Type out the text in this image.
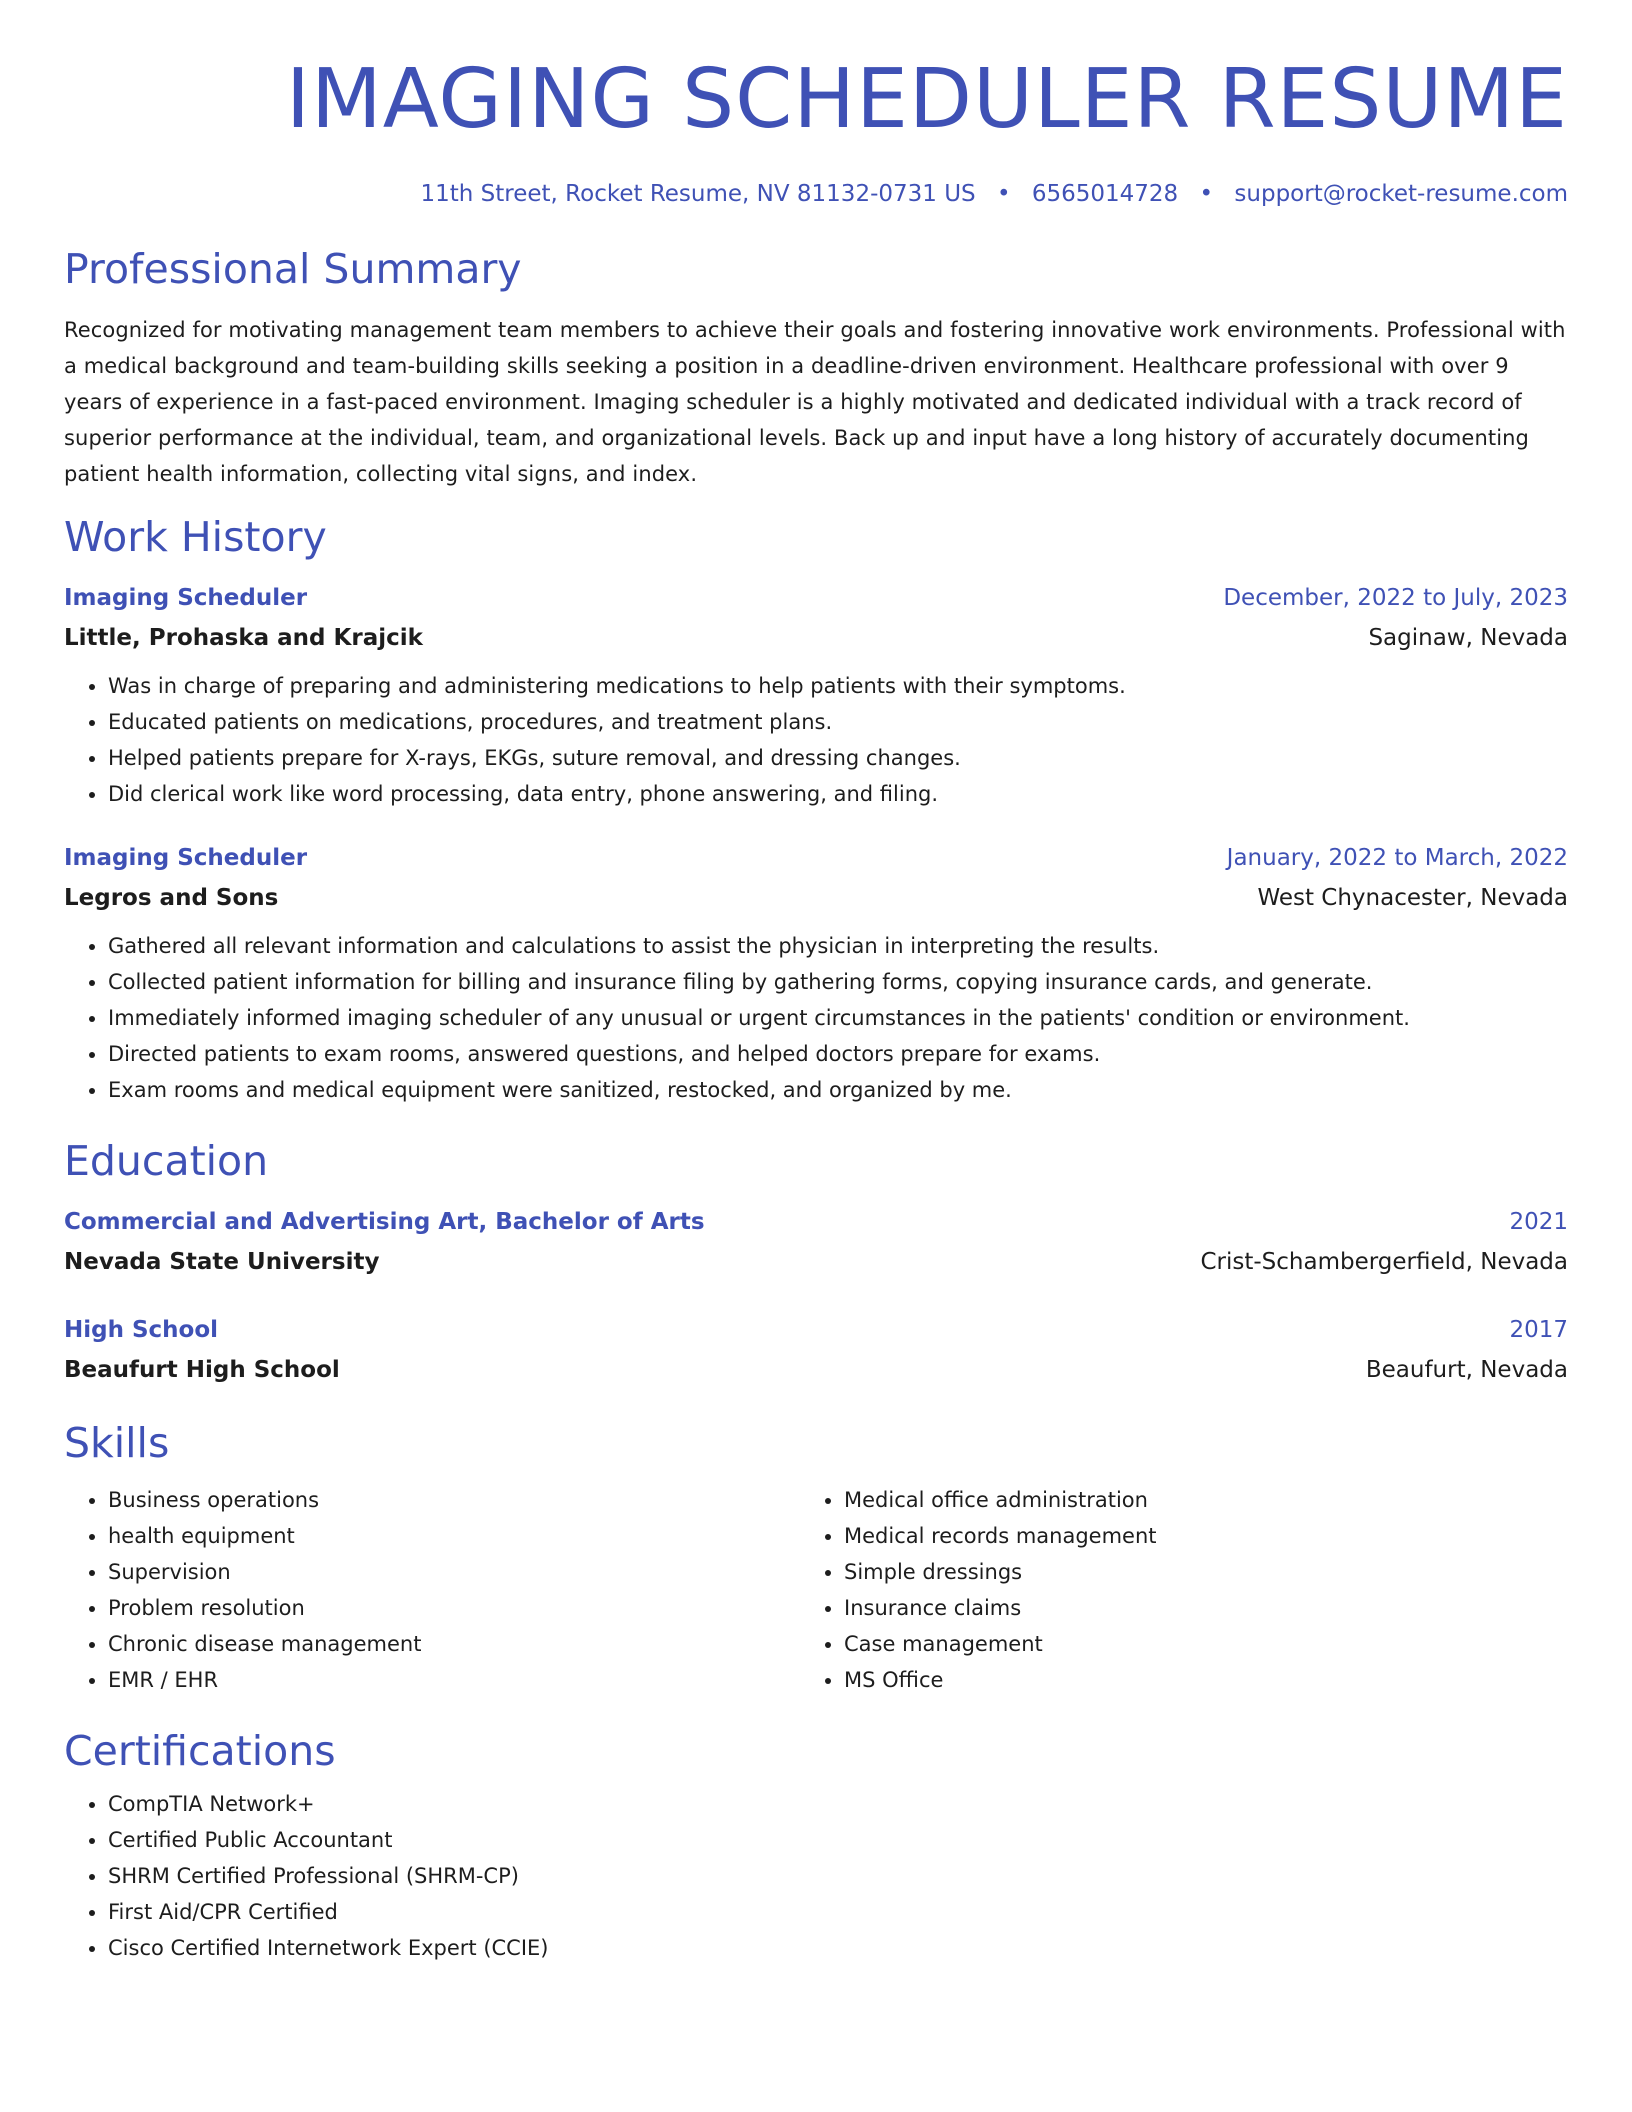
IMAGING SCHEDULER RESUME
11th Street, Rocket Resume, NV 81132-0731 US • 6565014728 • support@rocket-resume.com
Professional Summary
Recognized for motivating management team members to achieve their goals and fostering innovative work environments. Professional with a medical background and team-building skills seeking a position in a deadline-driven environment. Healthcare professional with over 9 years of experience in a fast-paced environment. Imaging scheduler is a highly motivated and dedicated individual with a track record of superior performance at the individual, team, and organizational levels. Back up and input have a long history of accurately documenting patient health information, collecting vital signs, and index.
Work History
Imaging Scheduler	December, 2022 to July, 2023
Little, Prohaska and Krajcik	Saginaw, Nevada
• Was in charge of preparing and administering medications to help patients with their symptoms.
• Educated patients on medications, procedures, and treatment plans.
• Helped patients prepare for X-rays, EKGs, suture removal, and dressing changes.
• Did clerical work like word processing, data entry, phone answering, and filing.
Imaging Scheduler	January, 2022 to March, 2022
Legros and Sons	West Chynacester, Nevada
• Gathered all relevant information and calculations to assist the physician in interpreting the results.
• Collected patient information for billing and insurance filing by gathering forms, copying insurance cards, and generate.
• Immediately informed imaging scheduler of any unusual or urgent circumstances in the patients' condition or environment.
• Directed patients to exam rooms, answered questions, and helped doctors prepare for exams.
• Exam rooms and medical equipment were sanitized, restocked, and organized by me.
Education
Commercial and Advertising Art, Bachelor of Arts	2021
Nevada State University	Crist-Schambergerfield, Nevada
High School	2017
Beaufurt High School	Beaufurt, Nevada
Skills
• Business operations
• health equipment
• Supervision
• Problem resolution
• Chronic disease management
• EMR / EHR
• Medical office administration
• Medical records management
• Simple dressings
• Insurance claims
• Case management
• MS Office
Certifications
• CompTIA Network+
• Certified Public Accountant
• SHRM Certified Professional (SHRM-CP)
• First Aid/CPR Certified
• Cisco Certified Internetwork Expert (CCIE)
